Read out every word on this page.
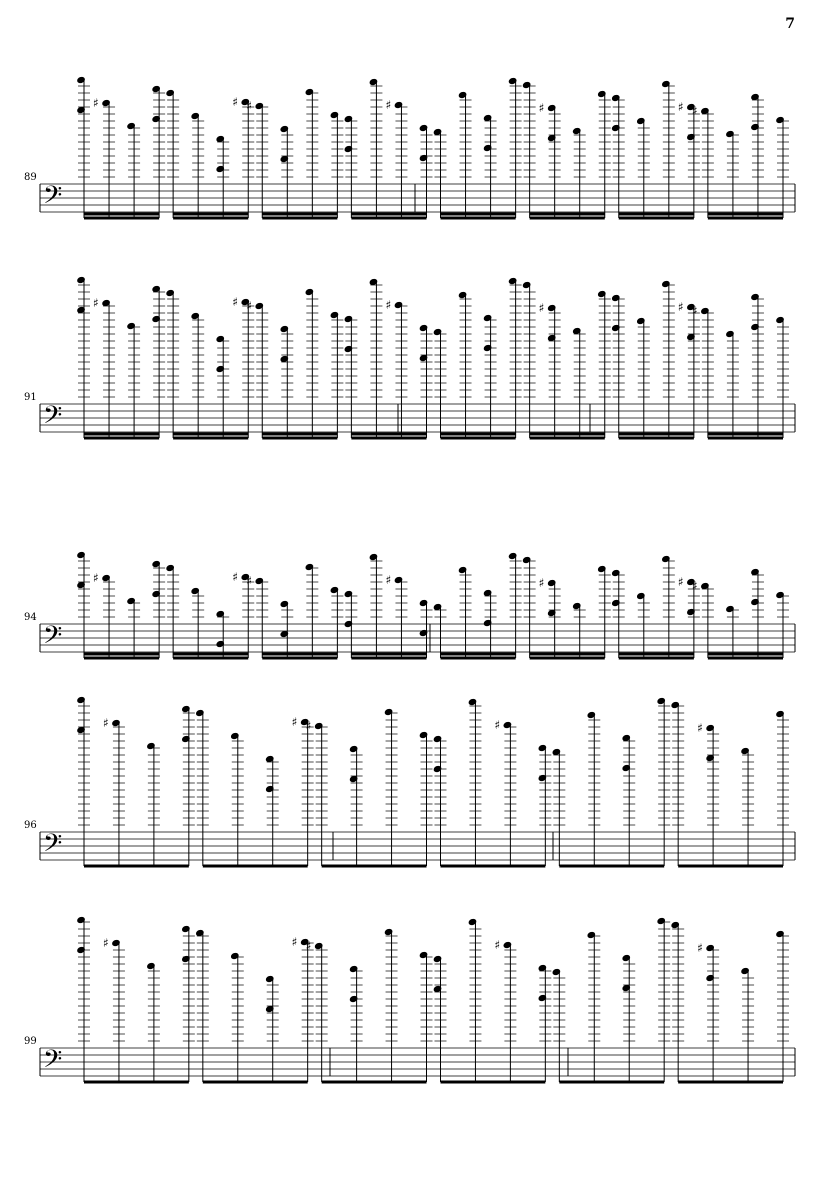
7
89
𝄢
♯	♯ ♯	♯	♯	♯ ♯
91
𝄢
♯	♯ ♯	♯	♯	♯ ♯
94
𝄢
♯	♯ ♯	♯	♯	♯ ♯
96
𝄢
♯	♯ ♯	♯	♯
99
𝄢
♯	♯ ♯	♯	♯
